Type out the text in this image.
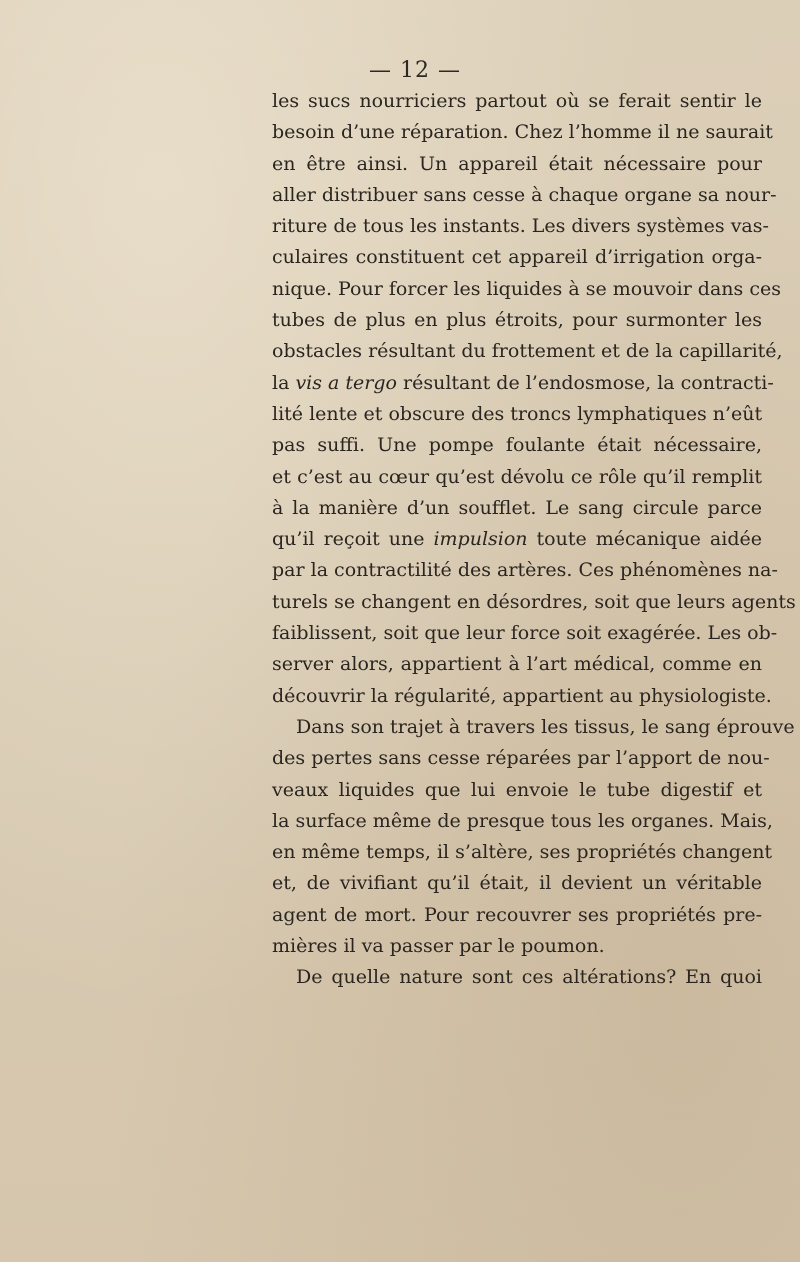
— 12 —
les sucs nourriciers partout où se ferait sentir le
besoin d’une réparation. Chez l’homme il ne saurait
en être ainsi. Un appareil était nécessaire pour
aller distribuer sans cesse à chaque organe sa nour-
riture de tous les instants. Les divers systèmes vas-
culaires constituent cet appareil d’irrigation orga-
nique. Pour forcer les liquides à se mouvoir dans ces
tubes de plus en plus étroits, pour surmonter les
obstacles résultant du frottement et de la capillarité,
la vis a tergo résultant de l’endosmose, la contracti-
lité lente et obscure des troncs lymphatiques n’eût
pas suffi. Une pompe foulante était nécessaire,
et c’est au cœur qu’est dévolu ce rôle qu’il remplit
à la manière d’un soufflet. Le sang circule parce
qu’il reçoit une impulsion toute mécanique aidée
par la contractilité des artères. Ces phénomènes na-
turels se changent en désordres, soit que leurs agents
faiblissent, soit que leur force soit exagérée. Les ob-
server alors, appartient à l’art médical, comme en
découvrir la régularité, appartient au physiologiste.
Dans son trajet à travers les tissus, le sang éprouve
des pertes sans cesse réparées par l’apport de nou-
veaux liquides que lui envoie le tube digestif et
la surface même de presque tous les organes. Mais,
en même temps, il s’altère, ses propriétés changent
et, de vivifiant qu’il était, il devient un véritable
agent de mort. Pour recouvrer ses propriétés pre-
mières il va passer par le poumon.
De quelle nature sont ces altérations? En quoi
